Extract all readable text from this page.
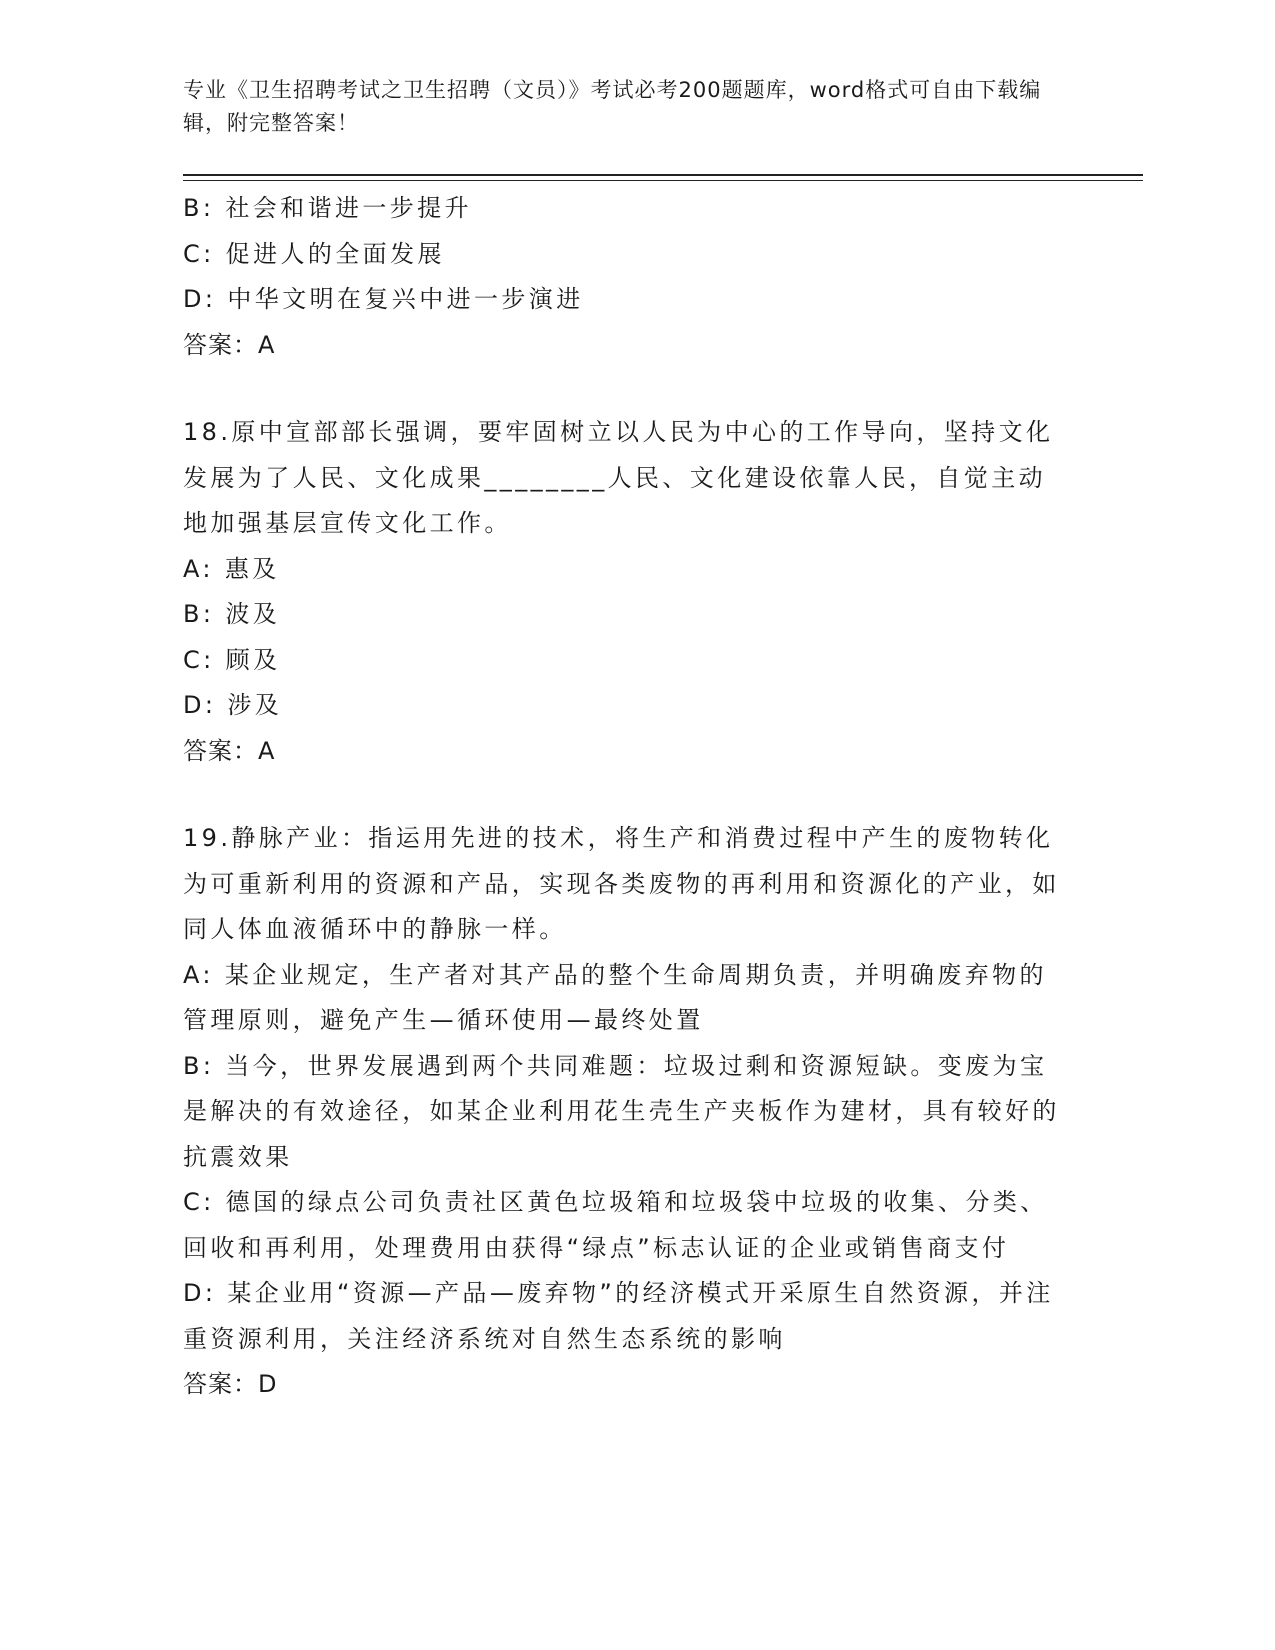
专业《卫生招聘考试之卫生招聘（文员）》考试必考200题题库，word格式可自由下载编辑，附完整答案！
B: 社会和谐进一步提升
C: 促进人的全面发展
D: 中华文明在复兴中进一步演进
答案：A
18.原中宣部部长强调，要牢固树立以人民为中心的工作导向，坚持文化发展为了人民、文化成果________人民、文化建设依靠人民，自觉主动地加强基层宣传文化工作。
A: 惠及
B: 波及
C: 顾及
D: 涉及
答案：A
19.静脉产业：指运用先进的技术，将生产和消费过程中产生的废物转化为可重新利用的资源和产品，实现各类废物的再利用和资源化的产业，如同人体血液循环中的静脉一样。
A: 某企业规定，生产者对其产品的整个生命周期负责，并明确废弃物的管理原则，避免产生—循环使用—最终处置
B: 当今，世界发展遇到两个共同难题：垃圾过剩和资源短缺。变废为宝是解决的有效途径，如某企业利用花生壳生产夹板作为建材，具有较好的抗震效果
C: 德国的绿点公司负责社区黄色垃圾箱和垃圾袋中垃圾的收集、分类、回收和再利用，处理费用由获得“绿点”标志认证的企业或销售商支付
D: 某企业用“资源—产品—废弃物”的经济模式开采原生自然资源，并注重资源利用，关注经济系统对自然生态系统的影响
答案：D
